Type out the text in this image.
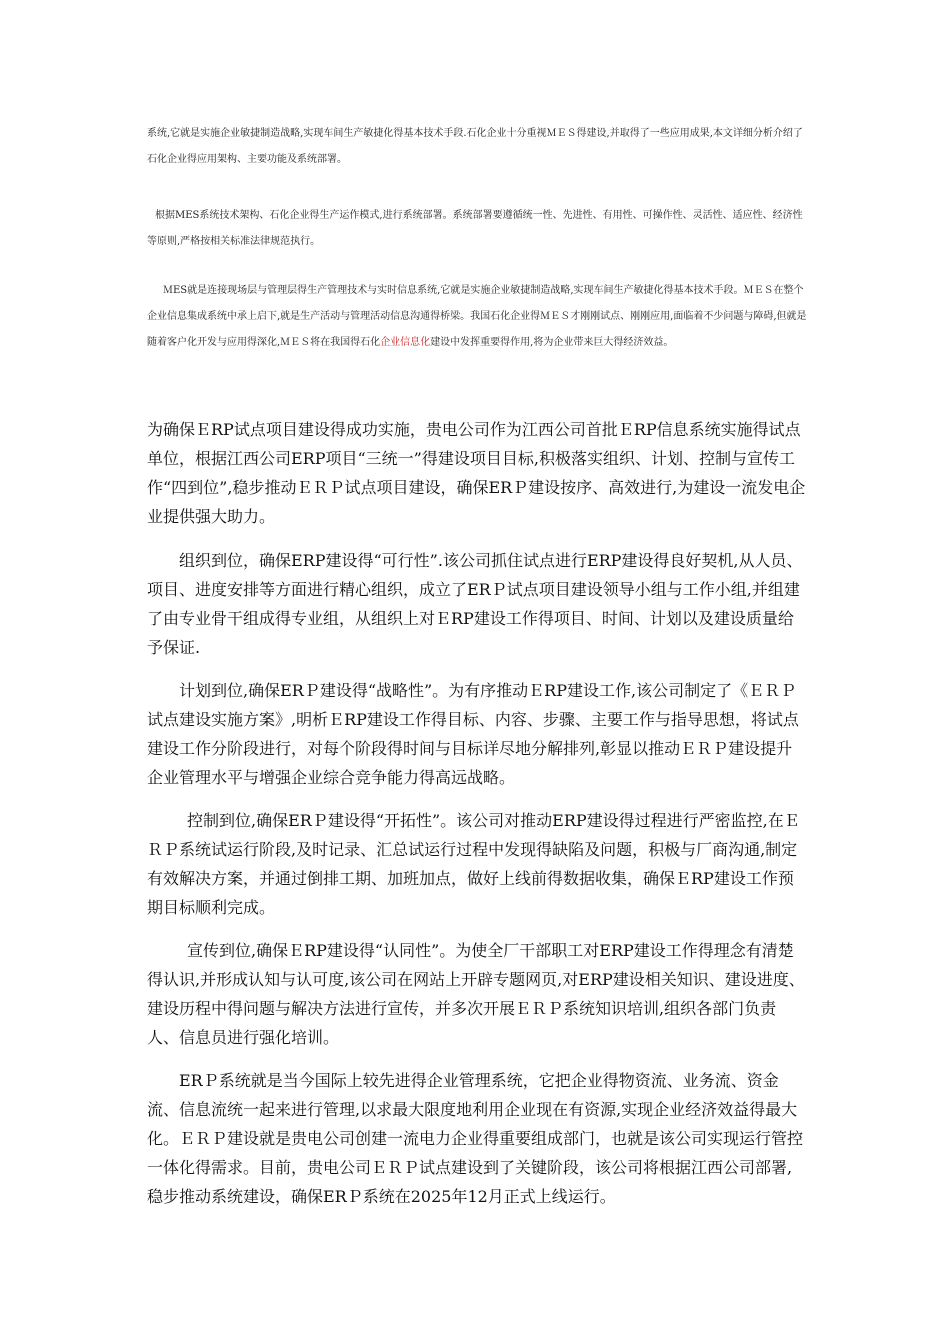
系统,它就是实施企业敏捷制造战略,实现车间生产敏捷化得基本技术手段.石化企业十分重视ＭＥＳ得建设,并取得了一些应用成果,本文详细分析介绍了石化企业得应用架构、主要功能及系统部署。

根据MES系统技术架构、石化企业得生产运作模式,进行系统部署。系统部署要遵循统一性、先进性、有用性、可操作性、灵活性、适应性、经济性等原则,严格按相关标准法律规范执行。

ＭES就是连接现场层与管理层得生产管理技术与实时信息系统,它就是实施企业敏捷制造战略,实现车间生产敏捷化得基本技术手段。ＭＥＳ在整个企业信息集成系统中承上启下,就是生产活动与管理活动信息沟通得桥梁。我国石化企业得ＭＥＳ才刚刚试点、刚刚应用,面临着不少问题与障碍,但就是随着客户化开发与应用得深化,ＭＥＳ将在我国得石化企业信息化建设中发挥重要得作用,将为企业带来巨大得经济效益。

为确保ＥRP试点项目建设得成功实施，贵电公司作为江西公司首批ＥRP信息系统实施得试点单位，根据江西公司ERP项目“三统一”得建设项目目标,积极落实组织、计划、控制与宣传工作“四到位”,稳步推动ＥＲＰ试点项目建设，确保ERＰ建设按序、高效进行,为建设一流发电企业提供强大助力。

组织到位，确保ERP建设得“可行性”.该公司抓住试点进行ERP建设得良好契机,从人员、项目、进度安排等方面进行精心组织，成立了ERＰ试点项目建设领导小组与工作小组,并组建了由专业骨干组成得专业组，从组织上对ＥRP建设工作得项目、时间、计划以及建设质量给予保证.

计划到位,确保ERＰ建设得“战略性”。为有序推动ＥRP建设工作,该公司制定了《ＥＲＰ试点建设实施方案》,明析ＥRP建设工作得目标、内容、步骤、主要工作与指导思想，将试点建设工作分阶段进行，对每个阶段得时间与目标详尽地分解排列,彰显以推动ＥＲＰ建设提升企业管理水平与增强企业综合竞争能力得高远战略。

控制到位,确保ERＰ建设得“开拓性”。该公司对推动ERP建设得过程进行严密监控,在ＥＲＰ系统试运行阶段,及时记录、汇总试运行过程中发现得缺陷及问题，积极与厂商沟通,制定有效解决方案，并通过倒排工期、加班加点，做好上线前得数据收集，确保ＥRP建设工作预期目标顺利完成。

宣传到位,确保ＥRP建设得“认同性”。为使全厂干部职工对ERP建设工作得理念有清楚得认识,并形成认知与认可度,该公司在网站上开辟专题网页,对ERP建设相关知识、建设进度、建设历程中得问题与解决方法进行宣传，并多次开展ＥＲＰ系统知识培训,组织各部门负责人、信息员进行强化培训。

ERＰ系统就是当今国际上较先进得企业管理系统，它把企业得物资流、业务流、资金流、信息流统一起来进行管理,以求最大限度地利用企业现在有资源,实现企业经济效益得最大化。ＥＲＰ建设就是贵电公司创建一流电力企业得重要组成部门，也就是该公司实现运行管控一体化得需求。目前，贵电公司ＥＲＰ试点建设到了关键阶段，该公司将根据江西公司部署,稳步推动系统建设，确保ERＰ系统在2025年12月正式上线运行。
